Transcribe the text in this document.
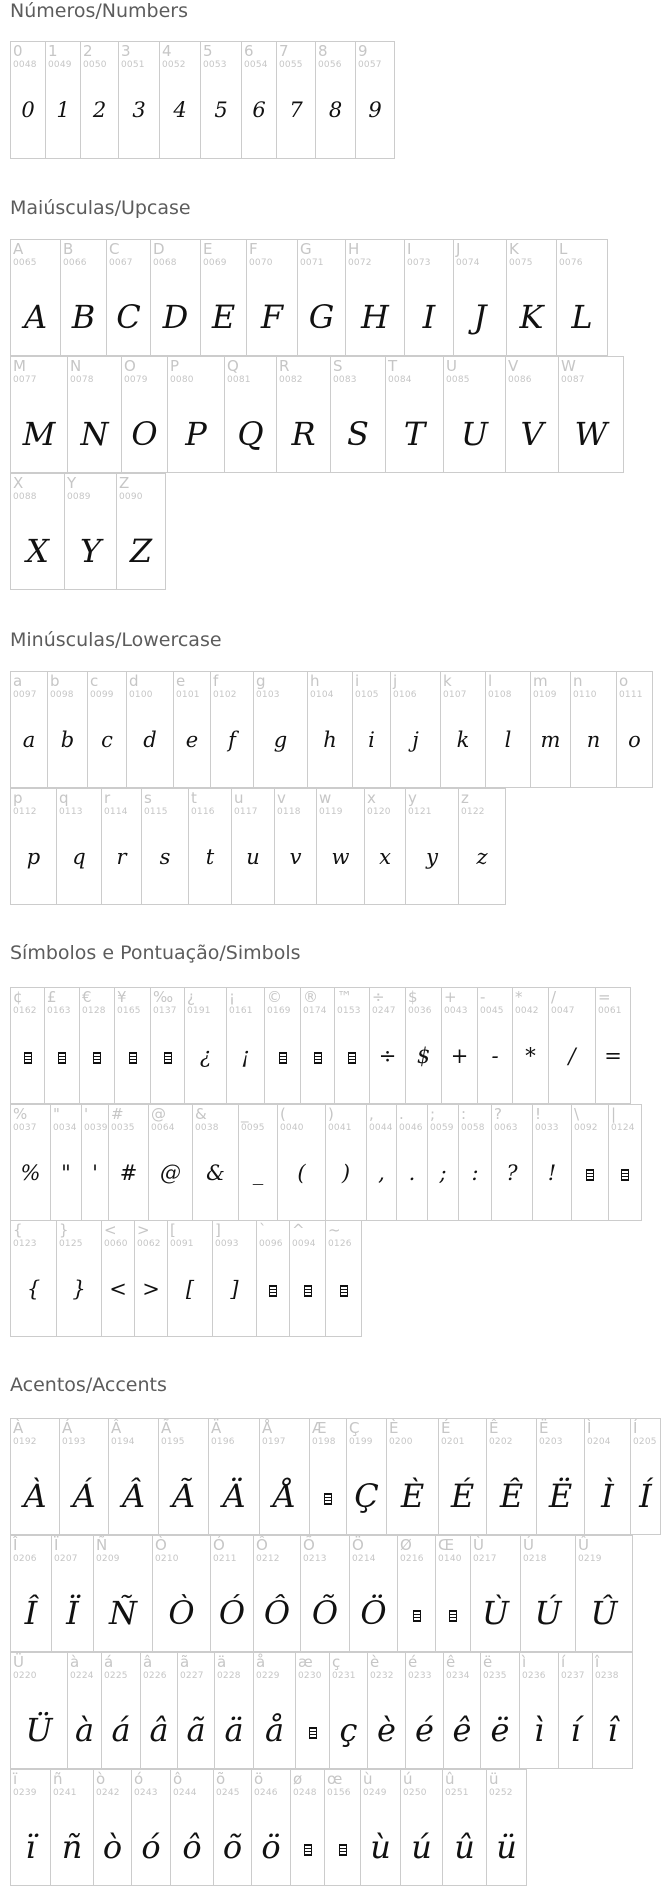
Números/Numbers
0
0048
0
1
0049
1
2
0050
2
3
0051
3
4
0052
4
5
0053
5
6
0054
6
7
0055
7
8
0056
8
9
0057
9
Maiúsculas/Upcase
A
0065
A
B
0066
B
C
0067
C
D
0068
D
E
0069
E
F
0070
F
G
0071
G
H
0072
H
I
0073
I
J
0074
J
K
0075
K
L
0076
L
M
0077
M
N
0078
N
O
0079
O
P
0080
P
Q
0081
Q
R
0082
R
S
0083
S
T
0084
T
U
0085
U
V
0086
V
W
0087
W
X
0088
X
Y
0089
Y
Z
0090
Z
Minúsculas/Lowercase
a
0097
a
b
0098
b
c
0099
c
d
0100
d
e
0101
e
f
0102
f
g
0103
g
h
0104
h
i
0105
i
j
0106
j
k
0107
k
l
0108
l
m
0109
m
n
0110
n
o
0111
o
p
0112
p
q
0113
q
r
0114
r
s
0115
s
t
0116
t
u
0117
u
v
0118
v
w
0119
w
x
0120
x
y
0121
y
z
0122
z
Símbolos e Pontuação/Simbols
¢
0162
£
0163
€
0128
¥
0165
‰
0137
¿
0191
¿
¡
0161
¡
©
0169
®
0174
™
0153
÷
0247
÷
$
0036
$
+
0043
+
-
0045
-
*
0042
*
/
0047
/
=
0061
=
%
0037
%
"
0034
"
'
0039
'
#
0035
#
@
0064
@
&
0038
&
_
0095
_
(
0040
(
)
0041
)
,
0044
,
.
0046
.
;
0059
;
:
0058
:
?
0063
?
!
0033
!
\
0092
|
0124
{
0123
{
}
0125
}
<
0060
<
>
0062
>
[
0091
[
]
0093
]
`
0096
^
0094
~
0126
Acentos/Accents
À
0192
À
Á
0193
Á
Â
0194
Â
Ã
0195
Ã
Ä
0196
Ä
Å
0197
Å
Æ
0198
Ç
0199
Ç
È
0200
È
É
0201
É
Ê
0202
Ê
Ë
0203
Ë
Ì
0204
Ì
Í
0205
Í
Î
0206
Î
Ï
0207
Ï
Ñ
0209
Ñ
Ò
0210
Ò
Ó
0211
Ó
Ô
0212
Ô
Õ
0213
Õ
Ö
0214
Ö
Ø
0216
Œ
0140
Ù
0217
Ù
Ú
0218
Ú
Û
0219
Û
Ü
0220
Ü
à
0224
à
á
0225
á
â
0226
â
ã
0227
ã
ä
0228
ä
å
0229
å
æ
0230
ç
0231
ç
è
0232
è
é
0233
é
ê
0234
ê
ë
0235
ë
ì
0236
ì
í
0237
í
î
0238
î
ï
0239
ï
ñ
0241
ñ
ò
0242
ò
ó
0243
ó
ô
0244
ô
õ
0245
õ
ö
0246
ö
ø
0248
œ
0156
ù
0249
ù
ú
0250
ú
û
0251
û
ü
0252
ü
